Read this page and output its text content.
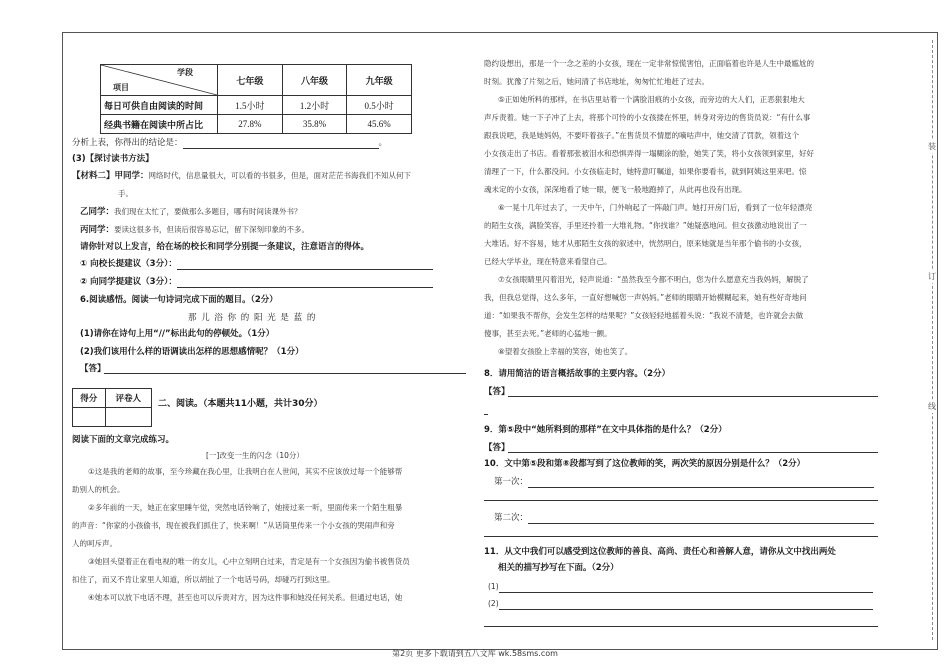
装
订
线
学段
项目	七年级	八年级	九年级
每日可供自由阅读的时间	1.5小时	1.2小时	0.5小时
经典书籍在阅读中所占比	27.8%	35.8%	45.6%
分析上表，你得出的结论是：	。
(3)【探讨读书方法】
【材料二】甲同学：网络时代，信息量很大，可以看的书很多，但是，面对茫茫书海我们不知从何下
手。
乙同学：我们现在太忙了，要做那么多题目，哪有时间读课外书？
丙同学：要读这很多书，但读后很容易忘记，留下深刻印象的不多。
请你针对以上发言，给在场的校长和同学分别提一条建议，注意语言的得体。
① 向校长提建议（3分）：
② 向同学提建议（3分）：
6.阅读感悟。阅读一句诗词完成下面的题目。（2分）
那 儿 浴 你 的 阳 光 是 蓝 的
(1)请你在诗句上用“//”标出此句的停顿处。（1分）
(2)我们该用什么样的语调读出怎样的思想感情呢？（1分）
【答】
得分	评卷人
	二、阅读。（本题共11小题，共计30分）
阅读下面的文章完成练习。
[一]改变一生的闪念（10分）
①这是我的老师的故事，至今珍藏在我心里，让我明白在人世间，其实不应该放过每一个能够帮
助别人的机会。
②多年前的一天，她正在家里睡午觉，突然电话铃响了，她接过来一听，里面传来一个陌生粗暴
的声音：“你家的小孩偷书，现在被我们抓住了，快来啊！”从话筒里传来一个小女孩的哭闹声和旁
人的呵斥声。
③她回头望着正在看电视的唯一的女儿，心中立刻明白过来，肯定是有一个女孩因为偷书被售货员
扣住了，而又不肯让家里人知道，所以胡扯了一个电话号码，却碰巧打到这里。
④她本可以放下电话不理，甚至也可以斥责对方，因为这件事和她没任何关系。但通过电话，她
隐约设想出，那是一个一念之差的小女孩，现在一定非常惊慌害怕，正面临着也许是人生中最尴尬的
时刻。犹豫了片刻之后，她问清了书店地址，匆匆忙忙地赶了过去。
⑤正如她所料的那样，在书店里站着一个满脸泪痕的小女孩，而旁边的大人们，正恶狠狠地大
声斥责着。她一下子冲了上去，将那个可怜的小女孩搂在怀里，转身对旁边的售货员说：“有什么事
跟我说吧，我是她妈妈，不要吓着孩子。”在售货员不情愿的嘀咕声中，她交清了罚款，领着这个
小女孩走出了书店。看着那张被泪水和恐惧弄得一塌糊涂的脸，她笑了笑，将小女孩领到家里，好好
清理了一下，什么都没问。小女孩临走时，她特意叮嘱道，如果你要看书，就到阿姨这里来吧。惊
魂未定的小女孩，深深地看了她一眼，便飞一般地跑掉了，从此再也没有出现。
⑥一晃十几年过去了，一天中午，门外响起了一阵敲门声。她打开房门后，看到了一位年轻漂亮
的陌生女孩，满脸笑容，手里还拎着一大堆礼物。“你找谁？”她疑惑地问。但女孩激动地说出了一
大堆话。好不容易，她才从那陌生女孩的叙述中，恍然明白，原来她就是当年那个偷书的小女孩，
已经大学毕业，现在特意来看望自己。
⑦女孩眼睛里闪着泪光，轻声说道：“虽然我至今都不明白，您为什么愿意充当我妈妈，解脱了
我，但我总觉得，这么多年，一直好想喊您一声妈妈。”老师的眼睛开始模糊起来，她有些好奇地问
道：“如果我不帮你，会发生怎样的结果呢？”女孩轻轻地摇着头说：“我说不清楚，也许就会去做
傻事，甚至去死。”老师的心猛地一颤。
⑧望着女孩脸上幸福的笑容，她也笑了。
8．请用简洁的语言概括故事的主要内容。（2分）
【答】
9．第⑤段中“她所料到的那样”在文中具体指的是什么？（2分）
【答】
10．文中第⑤段和第⑧段都写到了这位教师的笑，两次笑的原因分别是什么？（2分）
第一次：
第二次：
11．从文中我们可以感受到这位教师的善良、高尚、责任心和善解人意，请你从文中找出两处
相关的描写抄写在下面。（2分）
(1)
(2)
第2页 更多下载请到五八文库 wk.58sms.com
